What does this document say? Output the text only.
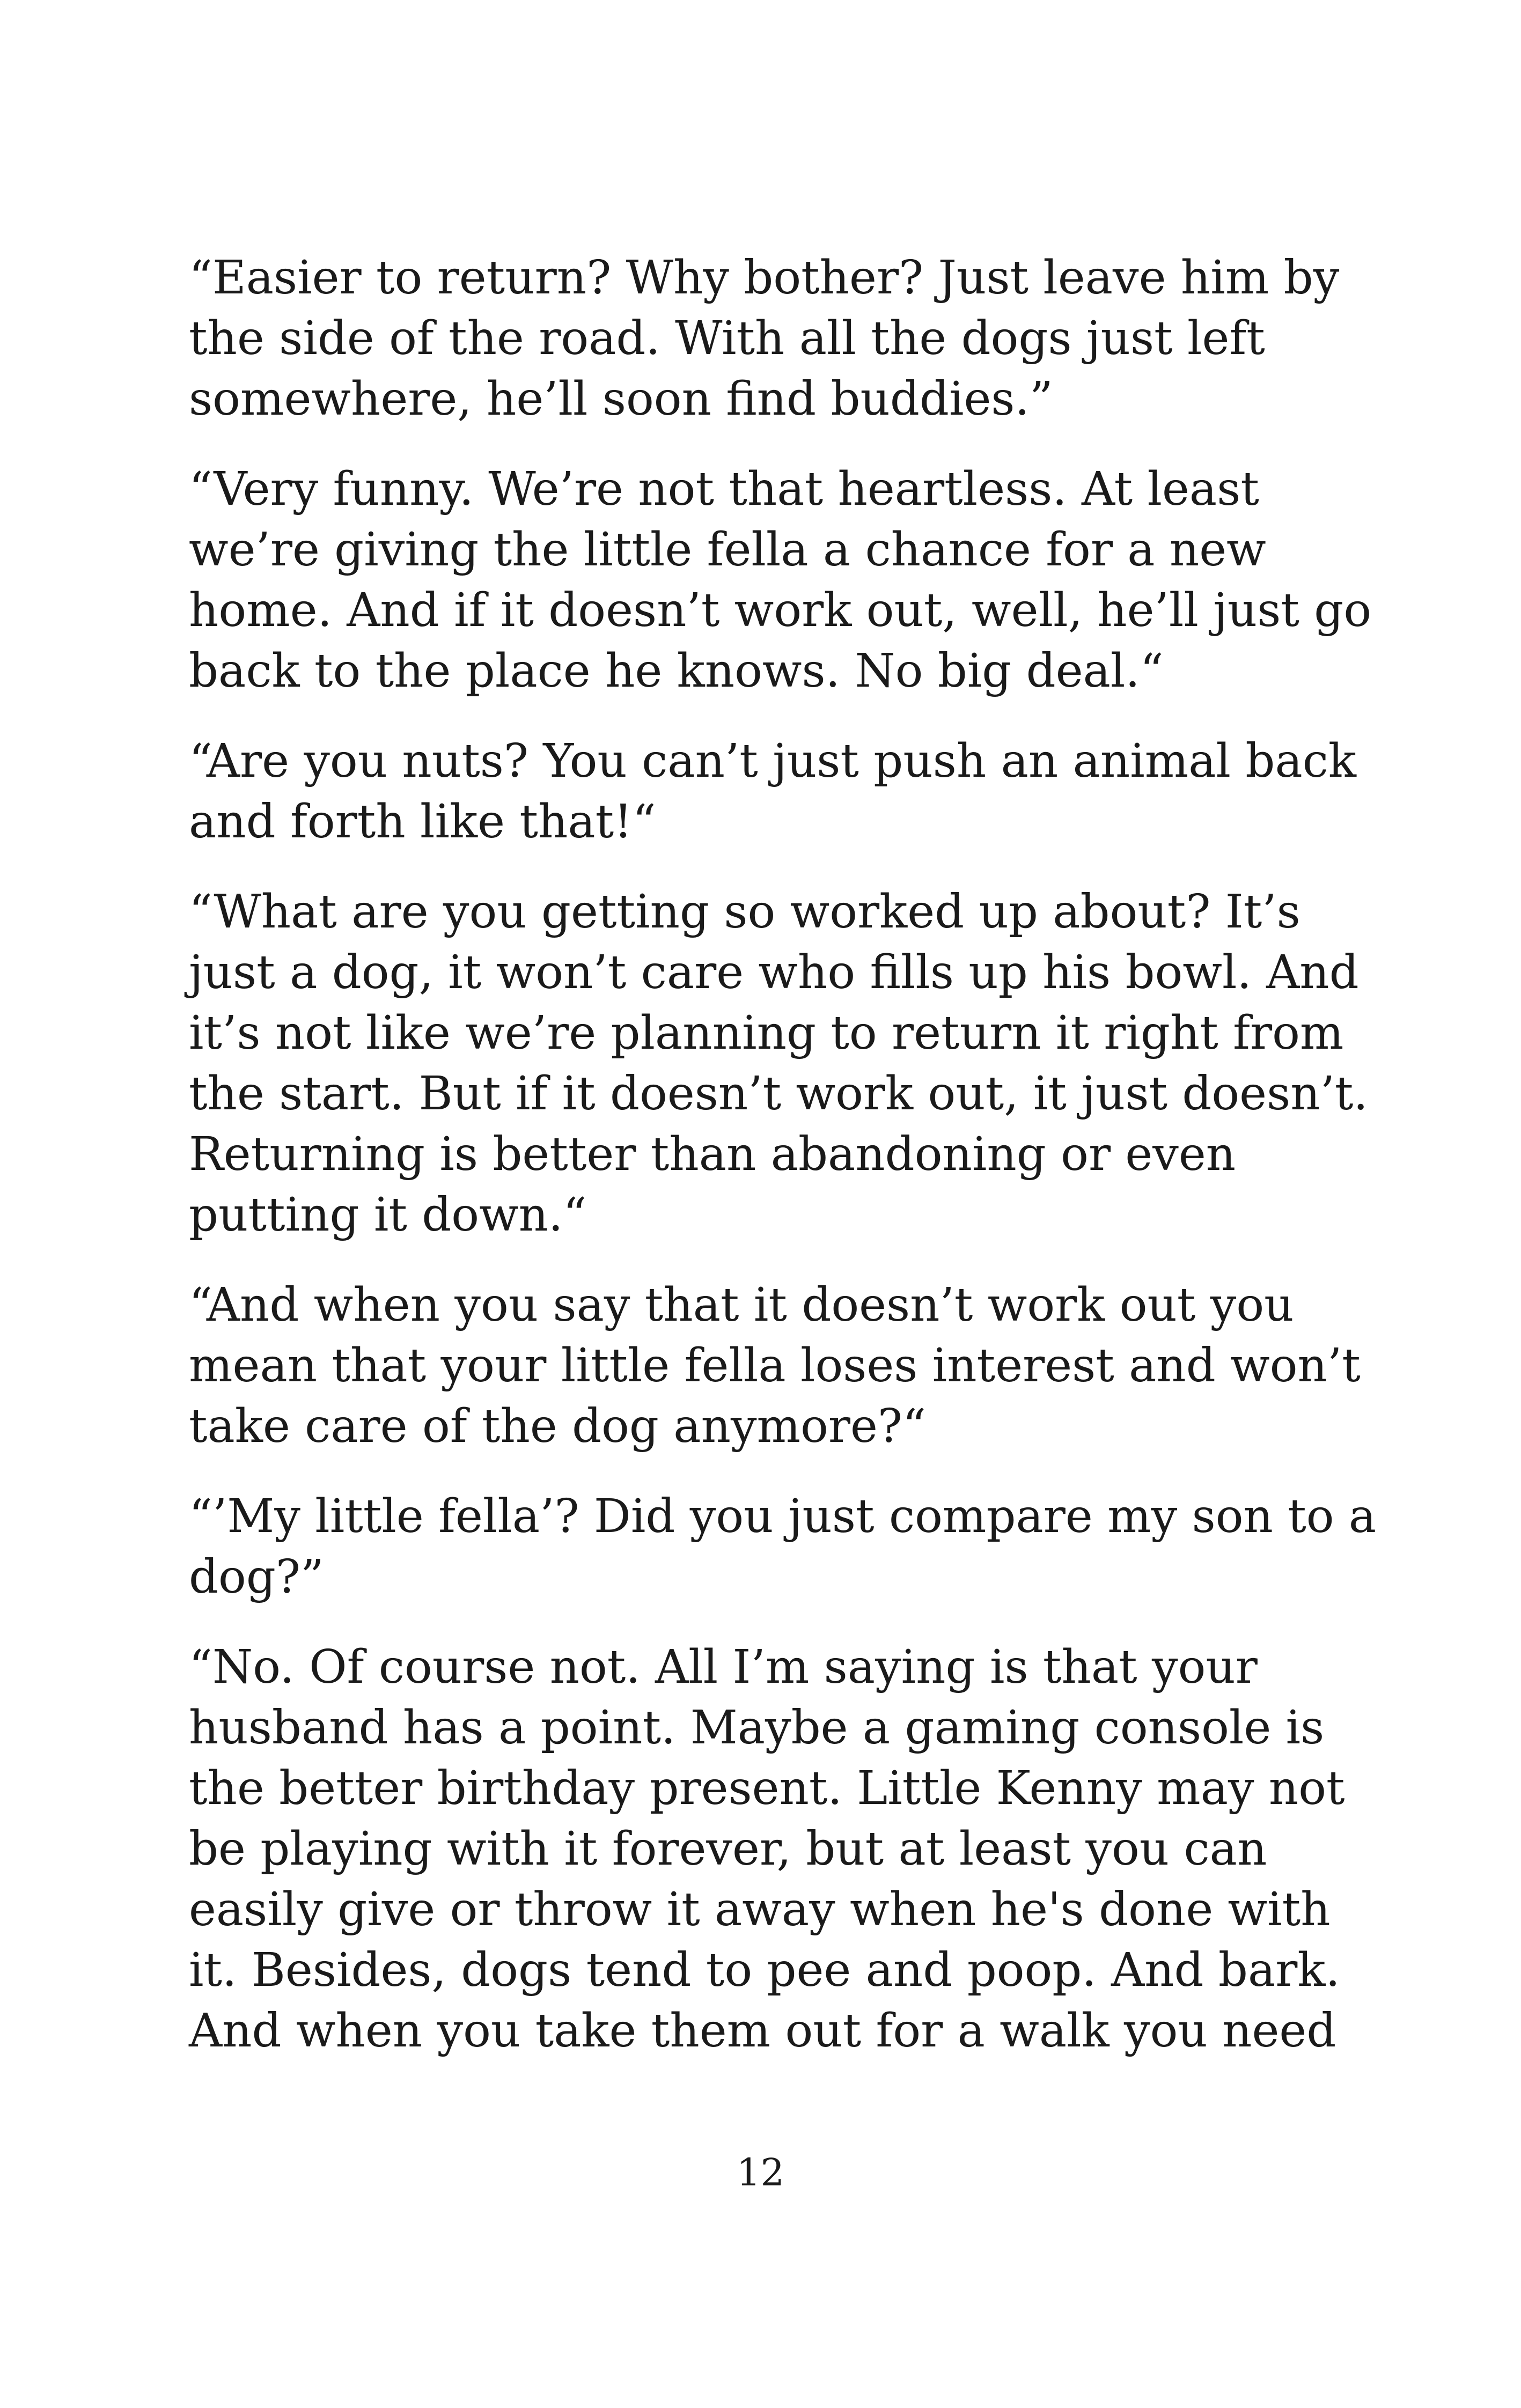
“Easier to return? Why bother? Just leave him by
the side of the road. With all the dogs just left
somewhere, he’ll soon find buddies.”
“Very funny. We’re not that heartless. At least
we’re giving the little fella a chance for a new
home. And if it doesn’t work out, well, he’ll just go
back to the place he knows. No big deal.“
“Are you nuts? You can’t just push an animal back
and forth like that!“
“What are you getting so worked up about? It’s
just a dog, it won’t care who fills up his bowl. And
it’s not like we’re planning to return it right from
the start. But if it doesn’t work out, it just doesn’t.
Returning is better than abandoning or even
putting it down.“
“And when you say that it doesn’t work out you
mean that your little fella loses interest and won’t
take care of the dog anymore?“
“’My little fella’? Did you just compare my son to a
dog?”
“No. Of course not. All I’m saying is that your
husband has a point. Maybe a gaming console is
the better birthday present. Little Kenny may not
be playing with it forever, but at least you can
easily give or throw it away when he's done with
it. Besides, dogs tend to pee and poop. And bark.
And when you take them out for a walk you need
12
